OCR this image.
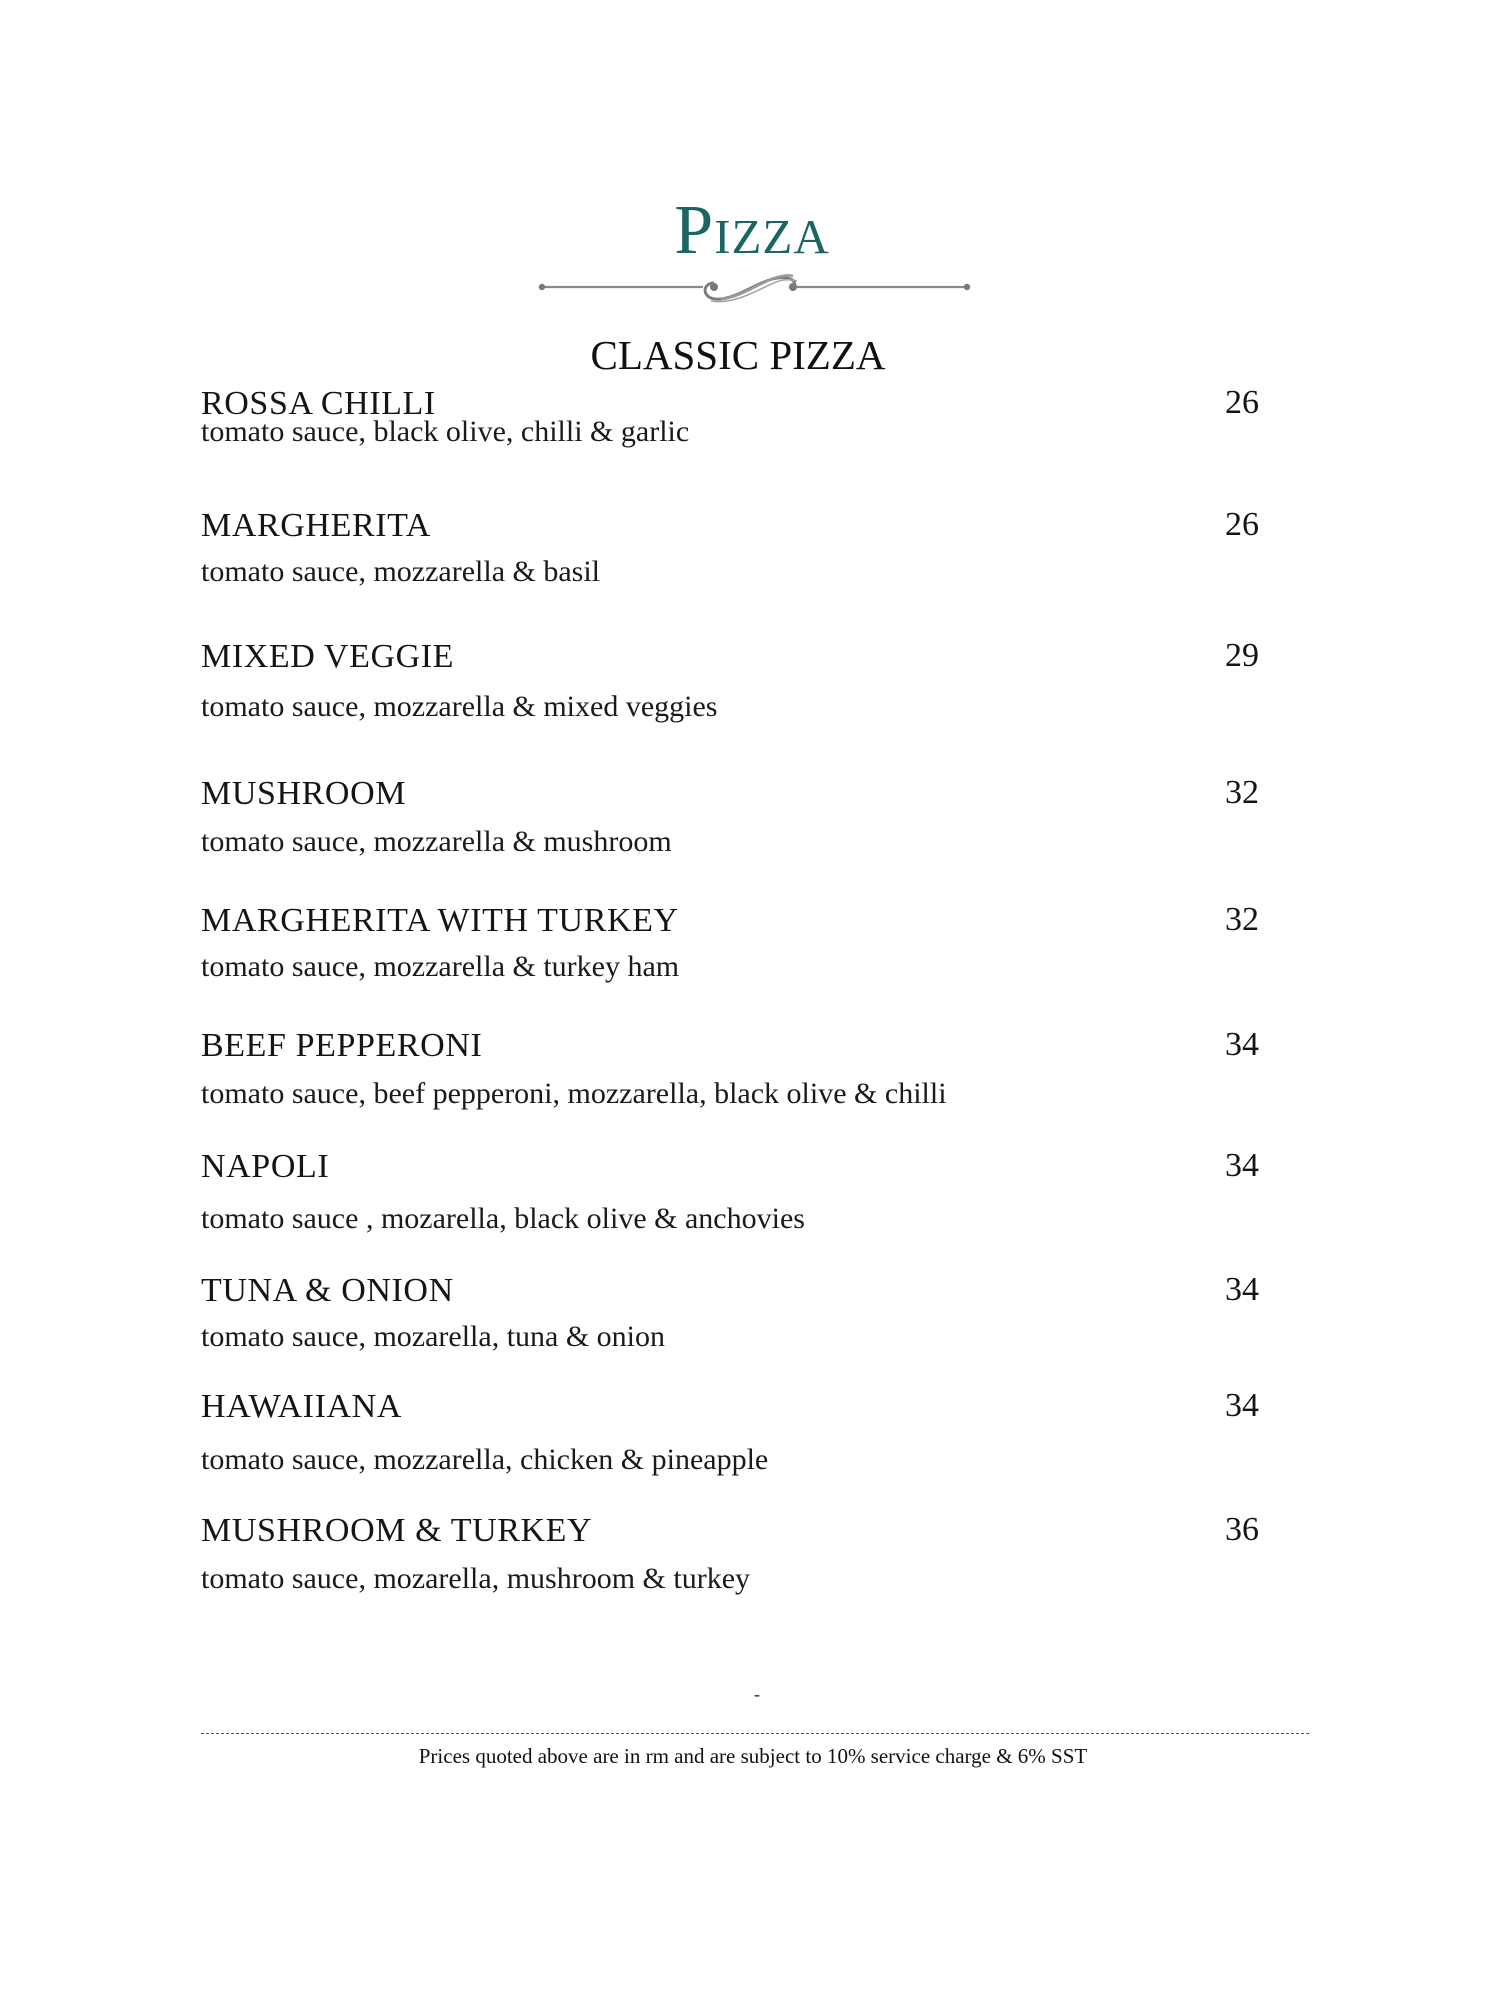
Pizza
CLASSIC PIZZA
ROSSA CHILLI	26
tomato sauce, black olive, chilli & garlic
MARGHERITA	26
tomato sauce, mozzarella & basil
MIXED VEGGIE	29
tomato sauce, mozzarella & mixed veggies
MUSHROOM	32
tomato sauce, mozzarella & mushroom
MARGHERITA WITH TURKEY	32
tomato sauce, mozzarella & turkey ham
BEEF PEPPERONI	34
tomato sauce, beef pepperoni, mozzarella, black olive & chilli
NAPOLI	34
tomato sauce , mozarella, black olive & anchovies
TUNA & ONION	34
tomato sauce, mozarella, tuna & onion
HAWAIIANA	34
tomato sauce, mozzarella, chicken & pineapple
MUSHROOM & TURKEY	36
tomato sauce, mozarella, mushroom & turkey
-
Prices quoted above are in rm and are subject to 10% service charge & 6% SST
